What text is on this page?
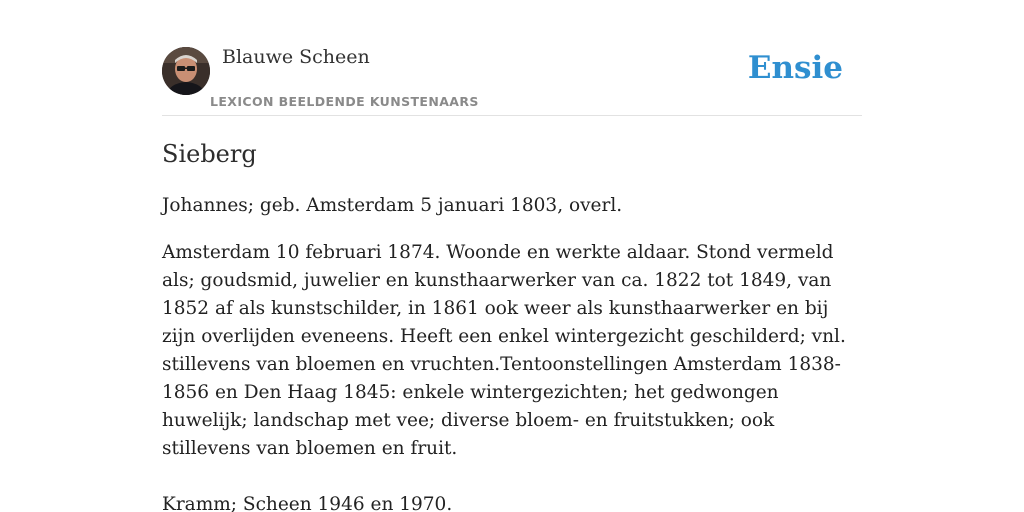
Blauwe Scheen
LEXICON BEELDENDE KUNSTENAARS
Ensie
Sieberg

Johannes; geb. Amsterdam 5 januari 1803, overl.

Amsterdam 10 februari 1874. Woonde en werkte aldaar. Stond vermeld als; goudsmid, juwelier en kunsthaarwerker van ca. 1822 tot 1849, van 1852 af als kunstschilder, in 1861 ook weer als kunsthaarwerker en bij zijn overlijden eveneens. Heeft een enkel wintergezicht geschilderd; vnl. stillevens van bloemen en vruchten.Tentoonstellingen Amsterdam 1838-1856 en Den Haag 1845: enkele wintergezichten; het gedwongen huwelijk; landschap met vee; diverse bloem- en fruitstukken; ook stillevens van bloemen en fruit.

Kramm; Scheen 1946 en 1970.
